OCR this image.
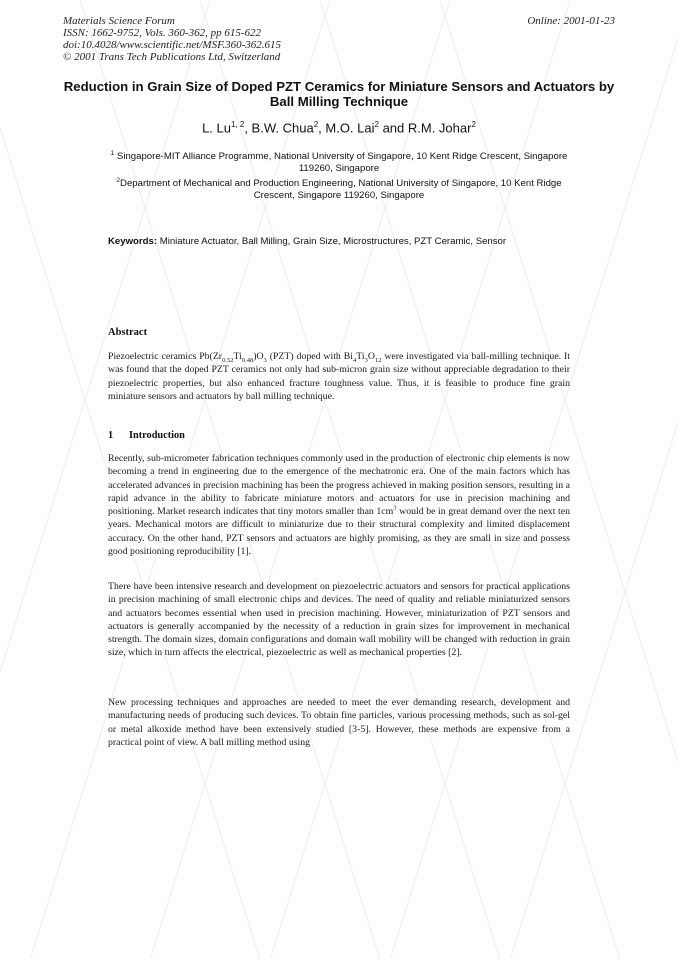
Materials Science Forum
ISSN: 1662-9752, Vols. 360-362, pp 615-622
doi:10.4028/www.scientific.net/MSF.360-362.615
© 2001 Trans Tech Publications Ltd, Switzerland
Online: 2001-01-23
Reduction in Grain Size of Doped PZT Ceramics for Miniature Sensors and Actuators by Ball Milling Technique
L. Lu$^{1, 2}$, B.W. Chua$^2$, M.O. Lai$^2$ and R.M. Johar$^2$
$^1$ Singapore-MIT Alliance Programme, National University of Singapore, 10 Kent Ridge Crescent, Singapore 119260, Singapore
$^2$Department of Mechanical and Production Engineering, National University of Singapore, 10 Kent Ridge Crescent, Singapore 119260, Singapore
Keywords: Miniature Actuator, Ball Milling, Grain Size, Microstructures, PZT Ceramic, Sensor
Abstract
Piezoelectric ceramics $Pb(Zr_{0.52}Ti_{0.48})O_3$ (PZT) doped with $Bi_4Ti_3O_{12}$ were investigated via ball-milling technique. It was found that the doped PZT ceramics not only had sub-micron grain size without appreciable degradation to their piezoelectric properties, but also enhanced fracture toughness value. Thus, it is feasible to produce fine grain miniature sensors and actuators by ball milling technique.
1 Introduction
Recently, sub-micrometer fabrication techniques commonly used in the production of electronic chip elements is now becoming a trend in engineering due to the emergence of the mechatronic era. One of the main factors which has accelerated advances in precision machining has been the progress achieved in making position sensors, resulting in a rapid advance in the ability to fabricate miniature motors and actuators for use in precision machining and positioning. Market research indicates that tiny motors smaller than $1cm^3$ would be in great demand over the next ten years. Mechanical motors are difficult to miniaturize due to their structural complexity and limited displacement accuracy. On the other hand, PZT sensors and actuators are highly promising, as they are small in size and possess good positioning reproducibility [1].
There have been intensive research and development on piezoelectric actuators and sensors for practical applications in precision machining of small electronic chips and devices. The need of quality and reliable miniaturized sensors and actuators becomes essential when used in precision machining. However, miniaturization of PZT sensors and actuators is generally accompanied by the necessity of a reduction in grain sizes for improvement in mechanical strength. The domain sizes, domain configurations and domain wall mobility will be changed with reduction in grain size, which in turn affects the electrical, piezoelectric as well as mechanical properties [2].
New processing techniques and approaches are needed to meet the ever demanding research, development and manufacturing needs of producing such devices. To obtain fine particles, various processing methods, such as sol-gel or metal alkoxide method have been extensively studied [3-5]. However, these methods are expensive from a practical point of view. A ball milling method using
